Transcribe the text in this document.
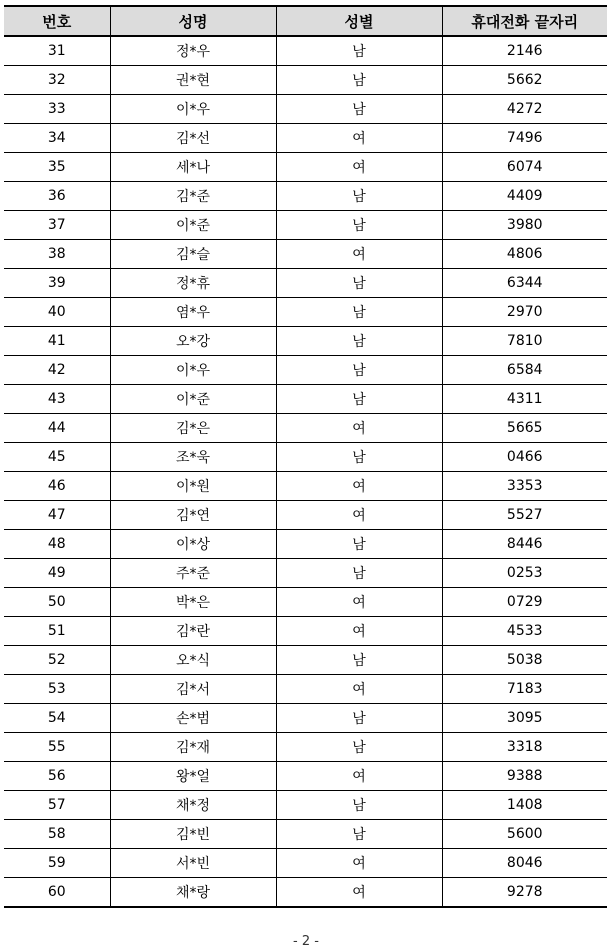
번호	성명	성별	휴대전화 끝자리
31	정*우	남	2146
32	권*현	남	5662
33	이*우	남	4272
34	김*선	여	7496
35	세*나	여	6074
36	김*준	남	4409
37	이*준	남	3980
38	김*슬	여	4806
39	정*휴	남	6344
40	염*우	남	2970
41	오*강	남	7810
42	이*우	남	6584
43	이*준	남	4311
44	김*은	여	5665
45	조*욱	남	0466
46	이*원	여	3353
47	김*연	여	5527
48	이*상	남	8446
49	주*준	남	0253
50	박*은	여	0729
51	김*란	여	4533
52	오*식	남	5038
53	김*서	여	7183
54	손*범	남	3095
55	김*재	남	3318
56	왕*얼	여	9388
57	채*정	남	1408
58	김*빈	남	5600
59	서*빈	여	8046
60	채*랑	여	9278
- 2 -
